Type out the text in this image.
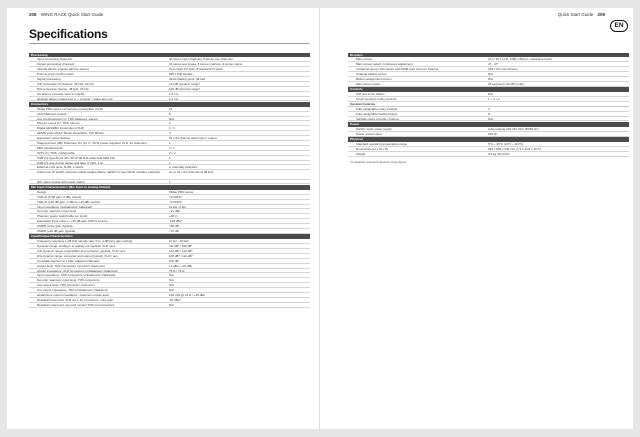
208 WING RACK Quick Start Guide
Specifications
Processing
Input processing channels	40 stereo input channels, 8 stereo aux channels
Output processing channels	16 stereo aux buses, 8 stereo matrices, 4 stereo mains
Internal effects engines (all true stereo)	8 premium FX slots, 8 standard FX slots
Point-to-point routing matrix	500 x 500 signals
Signal processing	40-bit floating point, 48 kHz
A/D conversion (8-channel, 48 kHz, 24-bit)	114 dB dynamic range*
D/A conversion (stereo, 48 kHz, 24-bit)	120 dB dynamic range*
I/O latency (console input to output)	1.6 ms
Network latency (stage box in > console > stage box out)	1.2 ms
Connectors
Midas PRO-series microphone preamplifier (XLR)	24
XLR balanced outputs	8
Aux inputs/outputs (¼" TRS balanced, stereo)	N/A
Phones output (¼" TRS, stereo)	2
Digital AES/EBU input/output (XLR)	1 / 1
AES50 ports (Klark Teknik SuperMAC, 100 Mbit/s)	3
Expansion card interface	64 x 64 channel audio input / output
StageConnect (48V Phantom) I/O (12 V / 18 W power supplied, XLR, 32 channels)	1
MIDI inputs/outputs	1 / 1
GPIO (¼" TRS, configurable	2 x 2
USB 2.0 type-B (via 48 x 48 ch 48 kHz audio and MIDI I/O)	1
USB 2.0 type-A host (audio and data, 5 VDC, 1 A)	1
Ethernet LAN ports, RJ45, 1 Gbit/s	2, internally switched
Audio over IP (AoIP) optional module socket (Dante, AES67 or SoundGrid modules optional)	Up to 64 x 64 channels at 48 kHz
IEC mains socket with power switch	1
Mic Input Characteristics (Mic Input to Analog Output)
Design	Midas PRO series
THD+N (0 dB gain, 0 dBu output)	<0.004%*
THD+N (+40 dB gain, 0 dBu to +20 dBu output)	<0.004%*
Input impedance (unbalanced / balanced)	10 kΩ / 2 kΩ
Non-clip maximum input level	+21 dBu
Phantom power (switchable per input)	+48 V
Equivalent input noise (+ +45 dB gain (150 Ω source)	-128 dBu*
CMRR (Unity gain (typical)	>50 dB
CMRR (+40 dB gain (typical)	>70 dB
Input/Output Characteristics
Frequency response (+48 kHz sample rate, 0 to -1 dB (any gain setting)	10 Hz - 20 kHz
Dynamic range, analog in to analog out (typical), XLR / aux	111 dB* / 106 dB*
A/D dynamic range, preamplifier and converter (typical), XLR / aux	112 dB* / 110 dB*
D/A dynamic range, converter and output (typical), XLR / aux	108 dB* / 112 dB*
Crosstalk rejection at 1 kHz, adjacent channels	100 dB
Output level, XLR connectors (nominal / maximum)	+4 dBu / +21 dBu
Output impedance, XLR connectors (unbalanced / balanced)	75 Ω / 75 Ω
Input impedance, TRS connectors (unbalanced / balanced)	N/A
Non-clip maximum input level, TRS connectors	N/A
Aux output level, TRS (nominal / maximum)	N/A
Aux output impedance, TRS (unbalanced / balanced)	N/A
Headphone output impedance / maximum output level	100 mW @ 15 Ω / +18 dBu
Residual noise level, XLR out 1-16 connectors, unity gain	-87 dBu*
Residual noise level, aux and monitor TRS out connectors	N/A
Quick Start Guide 209
EN
Displays
Main screen	10.1" TFT LCD, 1280 x 800 px, capacitive touch
Main screen select, continuous adjustment	47 - 47°
4-channel group LCD screen with RGB color strip per channel	128 x 64 monochrome
Channel editing screen	N/A
Bottom assignment screen	N/A
Main stereo meter	18 segment (-60 dB to clip)
Controls
100 mm motor faders	N/A
Touch sensitive rotary controls	1 + 4 + 1
Custom Controls
Fully assignable rotary controls	4
Fully assignable backlit buttons	8
Variable rotary controls / buttons	N/A
Power
Switch-mode power supply	Auto-ranging 100-240 VAC (50/60 Hz)
Power consumption	100 W
Physical
Standard operating temperature range	5°C – 45°C (41°F – 113°F)
Dimensions (H x W x D)	183 x 526 x 436 mm (7.2 x 12.8 x 19.7")
Weight	9.5 kg (20.9 lbs)
*A-weighted measured dynamic range figures
